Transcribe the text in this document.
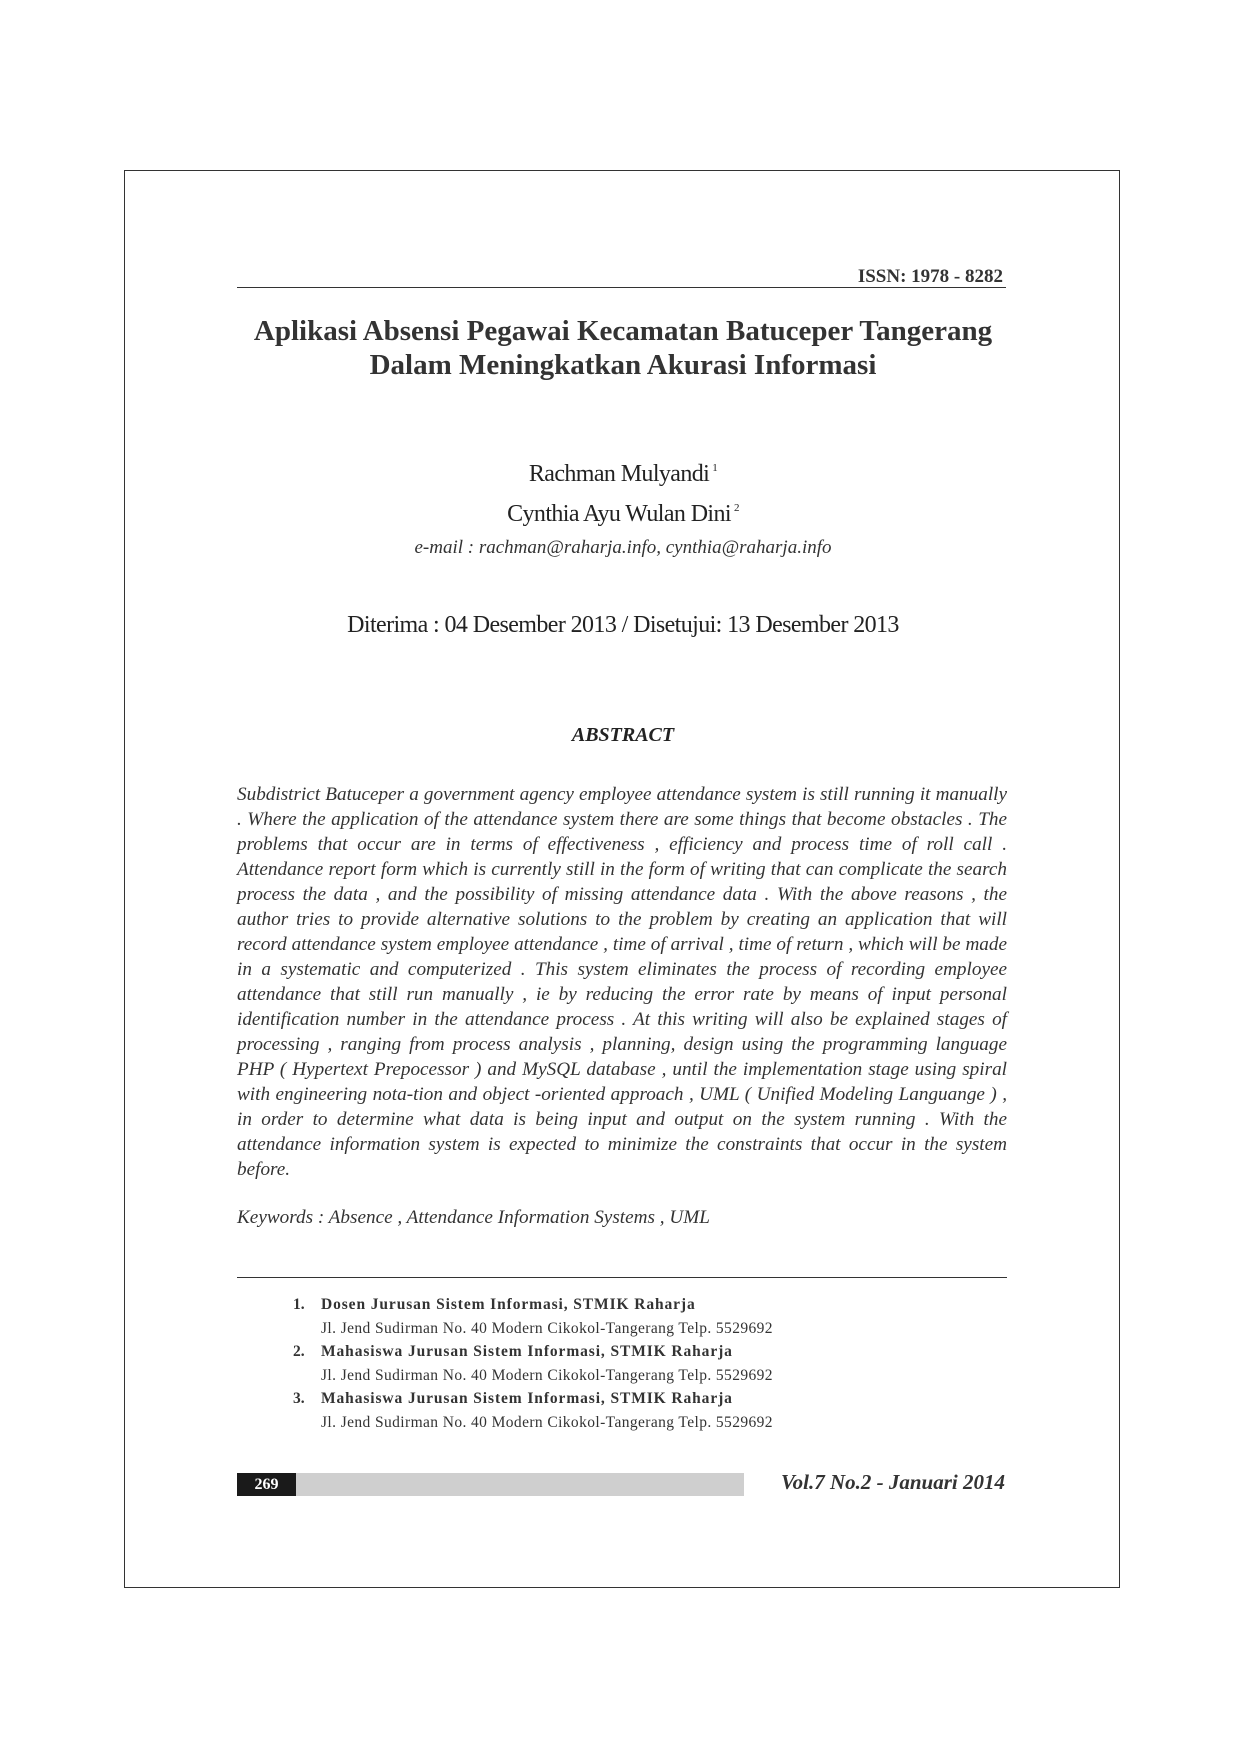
ISSN: 1978 - 8282
Aplikasi Absensi Pegawai Kecamatan Batuceper Tangerang
Dalam Meningkatkan Akurasi Informasi
Rachman Mulyandi $^1$
Cynthia Ayu Wulan Dini $^2$
e-mail : rachman@raharja.info, cynthia@raharja.info
Diterima : 04 Desember 2013 / Disetujui: 13 Desember 2013
ABSTRACT
Subdistrict Batuceper a government agency employee attendance system is still running it manually . Where the application of the attendance system there are some things that become obstacles . The problems that occur are in terms of effectiveness , efficiency and process time of roll call . Attendance report form which is currently still in the form of writing that can complicate the search process the data , and the possibility of missing attendance data . With the above reasons , the author tries to provide alternative solutions to the problem by creating an application that will record attendance system employee attendance , time of arrival , time of return , which will be made in a systematic and computerized . This system eliminates the process of recording employee attendance that still run manually , ie by reducing the error rate by means of input personal identification number in the attendance process . At this writing will also be explained stages of processing , ranging from process analysis , planning, design using the programming language PHP ( Hypertext Prepocessor ) and MySQL database , until the implementation stage using spiral with engineering nota-tion and object -oriented approach , UML ( Unified Modeling Languange ) , in order to determine what data is being input and output on the system running . With the attendance information system is expected to minimize the constraints that occur in the system before.
Keywords : Absence , Attendance Information Systems , UML
1. Dosen Jurusan Sistem Informasi, STMIK Raharja
Jl. Jend Sudirman No. 40 Modern Cikokol-Tangerang Telp. 5529692
2. Mahasiswa Jurusan Sistem Informasi, STMIK Raharja
Jl. Jend Sudirman No. 40 Modern Cikokol-Tangerang Telp. 5529692
3. Mahasiswa Jurusan Sistem Informasi, STMIK Raharja
Jl. Jend Sudirman No. 40 Modern Cikokol-Tangerang Telp. 5529692
269	Vol.7 No.2 - Januari 2014
